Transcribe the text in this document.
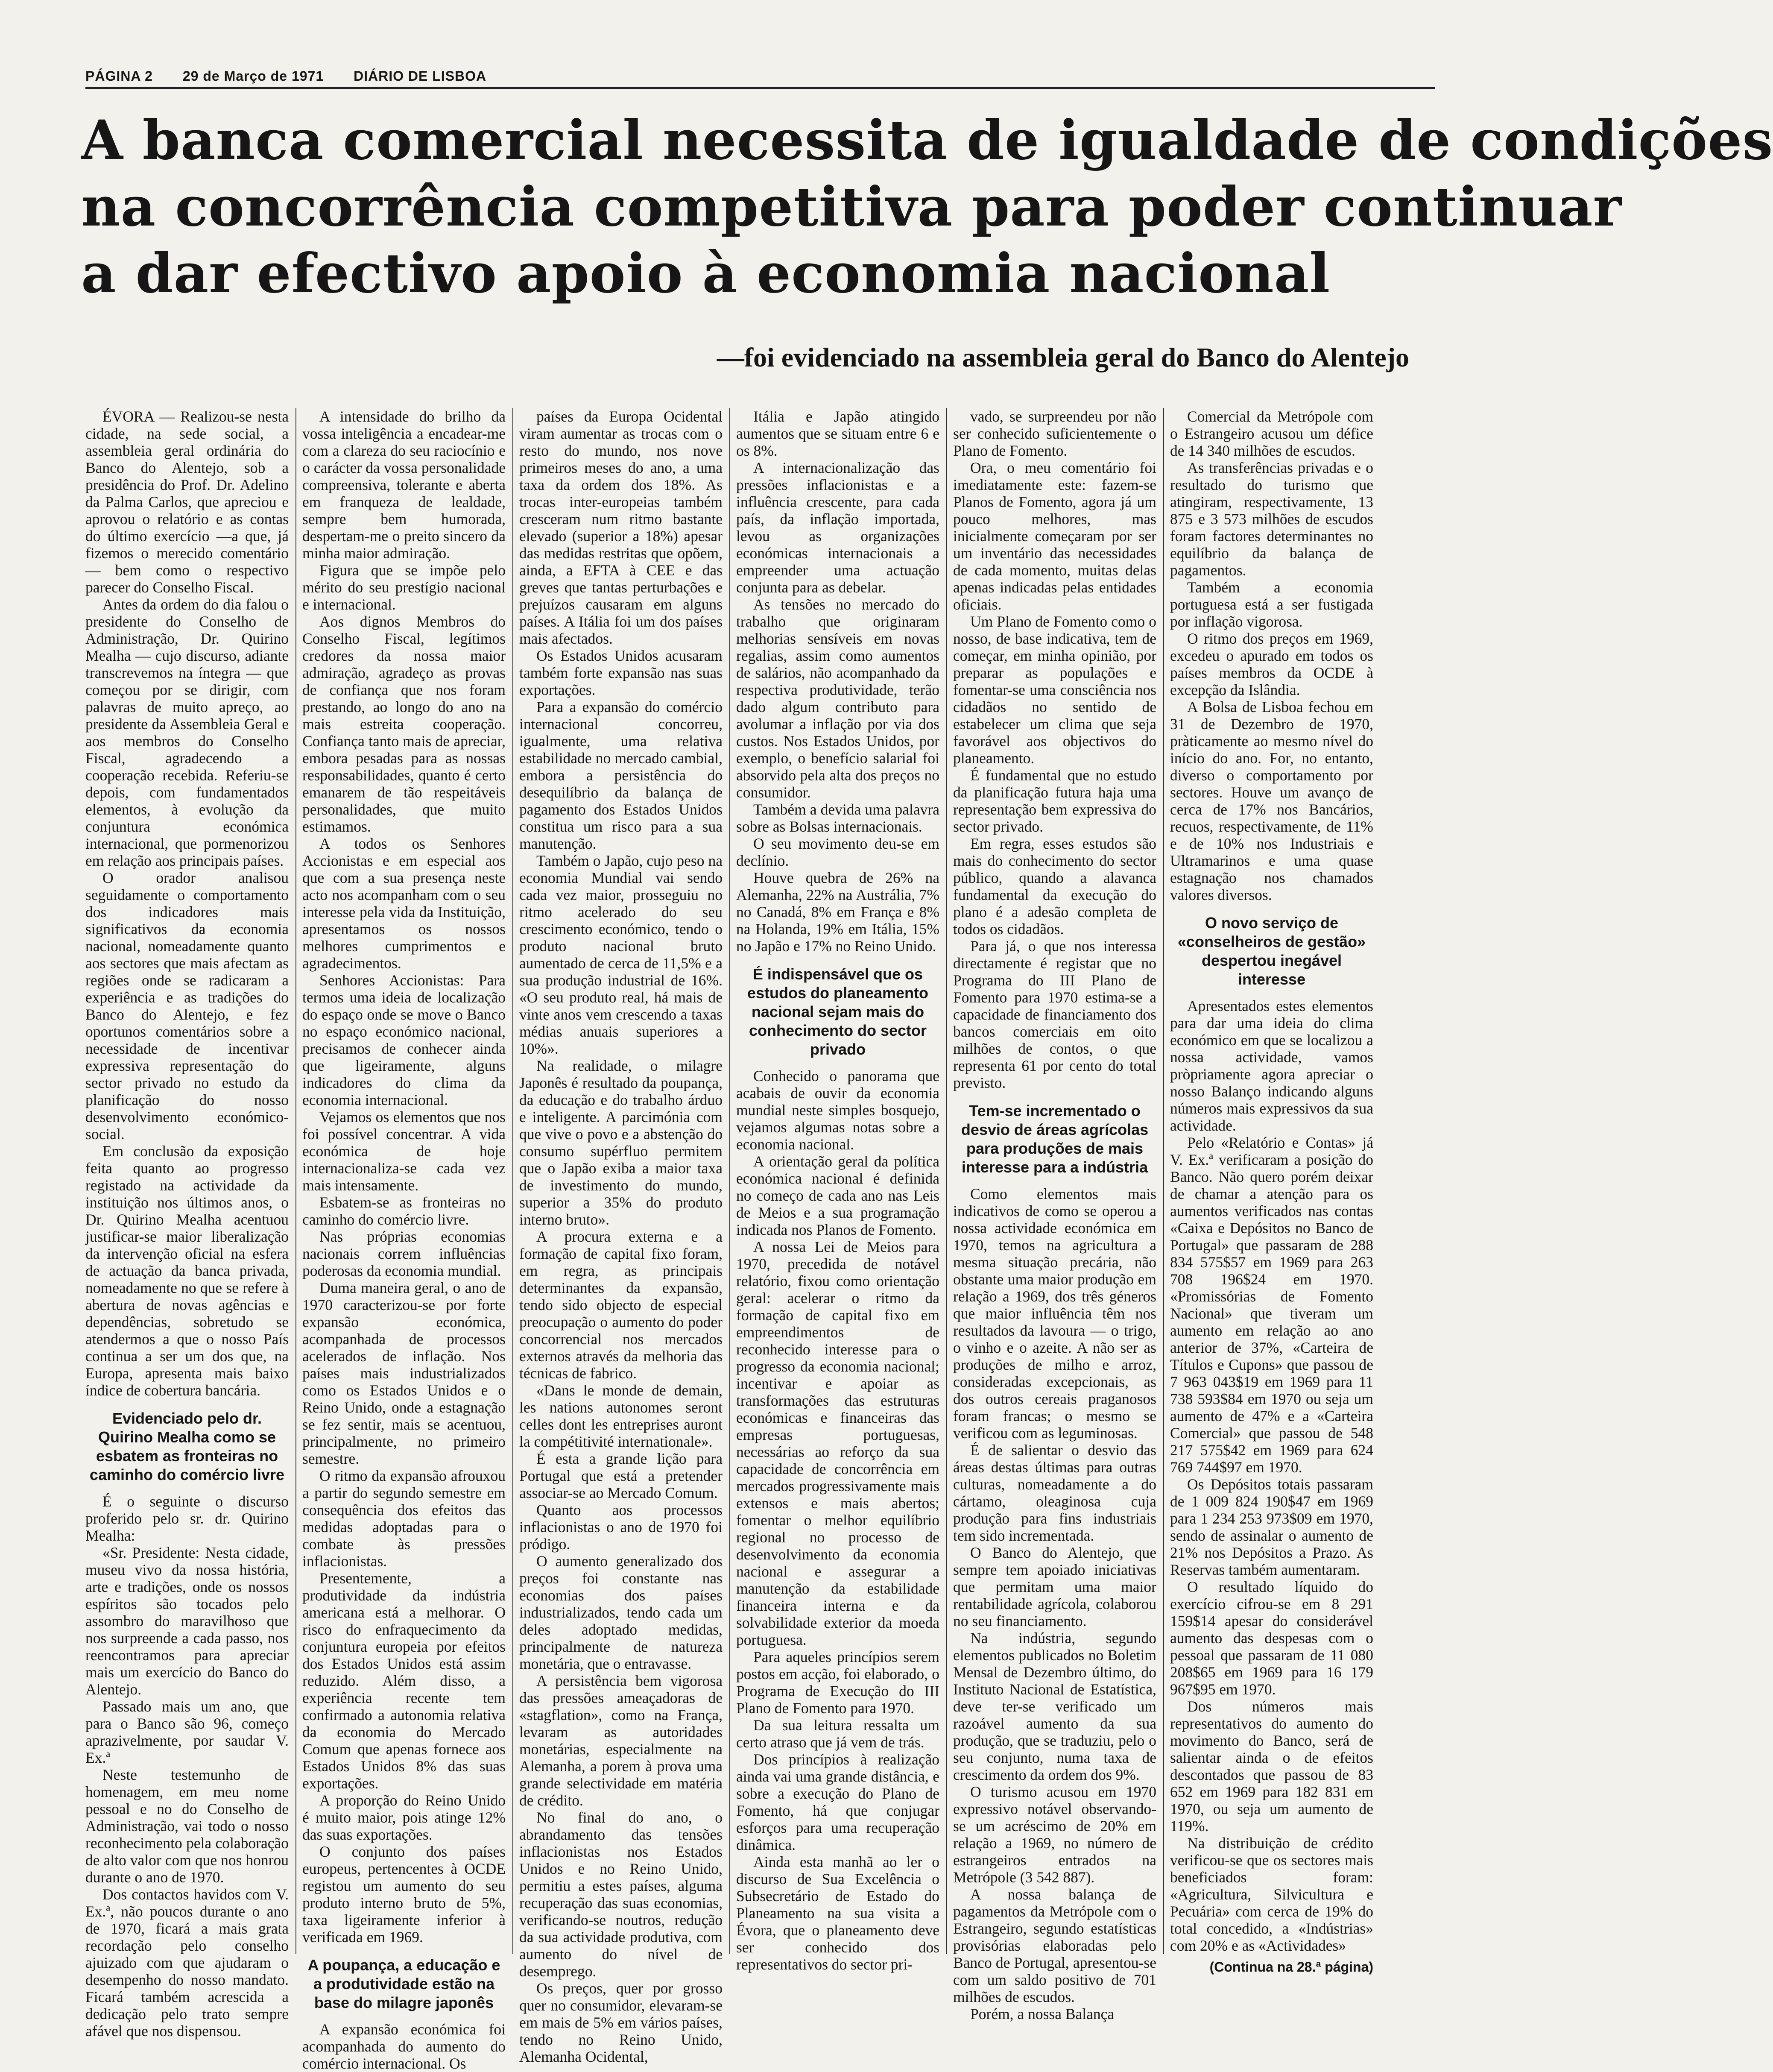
PÁGINA 2 29 de Março de 1971 DIÁRIO DE LISBOA
A banca comercial necessita de igualdade de condições
na concorrência competitiva para poder continuar
a dar efectivo apoio à economia nacional
—foi evidenciado na assembleia geral do Banco do Alentejo

ÉVORA — Realizou-se nesta cidade, na sede social, a assembleia geral ordinária do Banco do Alentejo, sob a presidência do Prof. Dr. Adelino da Palma Carlos, que apreciou e aprovou o relatório e as contas do último exercício —a que, já fizemos o merecido comentário — bem como o respectivo parecer do Conselho Fiscal.

Antes da ordem do dia falou o presidente do Conselho de Administração, Dr. Quirino Mealha — cujo discurso, adiante transcrevemos na íntegra — que começou por se dirigir, com palavras de muito apreço, ao presidente da Assembleia Geral e aos membros do Conselho Fiscal, agradecendo a cooperação recebida. Referiu-se depois, com fundamentados elementos, à evolução da conjuntura económica internacional, que pormenorizou em relação aos principais países.

O orador analisou seguidamente o comportamento dos indicadores mais significativos da economia nacional, nomeadamente quanto aos sectores que mais afectam as regiões onde se radicaram a experiência e as tradições do Banco do Alentejo, e fez oportunos comentários sobre a necessidade de incentivar expressiva representação do sector privado no estudo da planificação do nosso desenvolvimento económico-social.

Em conclusão da exposição feita quanto ao progresso registado na actividade da instituição nos últimos anos, o Dr. Quirino Mealha acentuou justificar-se maior liberalização da intervenção oficial na esfera de actuação da banca privada, nomeadamente no que se refere à abertura de novas agências e dependências, sobretudo se atendermos a que o nosso País continua a ser um dos que, na Europa, apresenta mais baixo índice de cobertura bancária.

Evidenciado pelo dr. Quirino Mealha como se esbatem as fronteiras no caminho do comércio livre

É o seguinte o discurso proferido pelo sr. dr. Quirino Mealha:

«Sr. Presidente: Nesta cidade, museu vivo da nossa história, arte e tradições, onde os nossos espíritos são tocados pelo assombro do maravilhoso que nos surpreende a cada passo, nos reencontramos para apreciar mais um exercício do Banco do Alentejo.

Passado mais um ano, que para o Banco são 96, começo aprazivelmente, por saudar V. Ex.ª

Neste testemunho de homenagem, em meu nome pessoal e no do Conselho de Administração, vai todo o nosso reconhecimento pela colaboração de alto valor com que nos honrou durante o ano de 1970.

Dos contactos havidos com V. Ex.ª, não poucos durante o ano de 1970, ficará a mais grata recordação pelo conselho ajuizado com que ajudaram o desempenho do nosso mandato. Ficará também acrescida a dedicação pelo trato sempre afável que nos dispensou.

A intensidade do brilho da vossa inteligência a encadear-me com a clareza do seu raciocínio e o carácter da vossa personalidade compreensiva, tolerante e aberta em franqueza de lealdade, sempre bem humorada, despertam-me o preito sincero da minha maior admiração.

Figura que se impõe pelo mérito do seu prestígio nacional e internacional.

Aos dignos Membros do Conselho Fiscal, legítimos credores da nossa maior admiração, agradeço as provas de confiança que nos foram prestando, ao longo do ano na mais estreita cooperação. Confiança tanto mais de apreciar, embora pesadas para as nossas responsabilidades, quanto é certo emanarem de tão respeitáveis personalidades, que muito estimamos.

A todos os Senhores Accionistas e em especial aos que com a sua presença neste acto nos acompanham com o seu interesse pela vida da Instituição, apresentamos os nossos melhores cumprimentos e agradecimentos.

Senhores Accionistas: Para termos uma ideia de localização do espaço onde se move o Banco no espaço económico nacional, precisamos de conhecer ainda que ligeiramente, alguns indicadores do clima da economia internacional.

Vejamos os elementos que nos foi possível concentrar. A vida económica de hoje internacionaliza-se cada vez mais intensamente.

Esbatem-se as fronteiras no caminho do comércio livre.

Nas próprias economias nacionais correm influências poderosas da economia mundial.

Duma maneira geral, o ano de 1970 caracterizou-se por forte expansão económica, acompanhada de processos acelerados de inflação. Nos países mais industrializados como os Estados Unidos e o Reino Unido, onde a estagnação se fez sentir, mais se acentuou, principalmente, no primeiro semestre.

O ritmo da expansão afrouxou a partir do segundo semestre em consequência dos efeitos das medidas adoptadas para o combate às pressões inflacionistas.

Presentemente, a produtividade da indústria americana está a melhorar. O risco do enfraquecimento da conjuntura europeia por efeitos dos Estados Unidos está assim reduzido. Além disso, a experiência recente tem confirmado a autonomia relativa da economia do Mercado Comum que apenas fornece aos Estados Unidos 8% das suas exportações.

A proporção do Reino Unido é muito maior, pois atinge 12% das suas exportações.

O conjunto dos países europeus, pertencentes à OCDE registou um aumento do seu produto interno bruto de 5%, taxa ligeiramente inferior à verificada em 1969.

A poupança, a educação e a produtividade estão na base do milagre japonês

A expansão económica foi acompanhada do aumento do comércio internacional. Os

países da Europa Ocidental viram aumentar as trocas com o resto do mundo, nos nove primeiros meses do ano, a uma taxa da ordem dos 18%. As trocas inter-europeias também cresceram num ritmo bastante elevado (superior a 18%) apesar das medidas restritas que opõem, ainda, a EFTA à CEE e das greves que tantas perturbações e prejuízos causaram em alguns países. A Itália foi um dos países mais afectados.

Os Estados Unidos acusaram também forte expansão nas suas exportações.

Para a expansão do comércio internacional concorreu, igualmente, uma relativa estabilidade no mercado cambial, embora a persistência do desequilíbrio da balança de pagamento dos Estados Unidos constitua um risco para a sua manutenção.

Também o Japão, cujo peso na economia Mundial vai sendo cada vez maior, prosseguiu no ritmo acelerado do seu crescimento económico, tendo o produto nacional bruto aumentado de cerca de 11,5% e a sua produção industrial de 16%. «O seu produto real, há mais de vinte anos vem crescendo a taxas médias anuais superiores a 10%».

Na realidade, o milagre Japonês é resultado da poupança, da educação e do trabalho árduo e inteligente. A parcimónia com que vive o povo e a abstenção do consumo supérfluo permitem que o Japão exiba a maior taxa de investimento do mundo, superior a 35% do produto interno bruto».

A procura externa e a formação de capital fixo foram, em regra, as principais determinantes da expansão, tendo sido objecto de especial preocupação o aumento do poder concorrencial nos mercados externos através da melhoria das técnicas de fabrico.

«Dans le monde de demain, les nations autonomes seront celles dont les entreprises auront la compétitivité internationale».

É esta a grande lição para Portugal que está a pretender associar-se ao Mercado Comum.

Quanto aos processos inflacionistas o ano de 1970 foi pródigo.

O aumento generalizado dos preços foi constante nas economias dos países industrializados, tendo cada um deles adoptado medidas, principalmente de natureza monetária, que o entravasse.

A persistência bem vigorosa das pressões ameaçadoras de «stagflation», como na França, levaram as autoridades monetárias, especialmente na Alemanha, a porem à prova uma grande selectividade em matéria de crédito.

No final do ano, o abrandamento das tensões inflacionistas nos Estados Unidos e no Reino Unido, permitiu a estes países, alguma recuperação das suas economias, verificando-se noutros, redução da sua actividade produtiva, com aumento do nível de desemprego.

Os preços, quer por grosso quer no consumidor, elevaram-se em mais de 5% em vários países, tendo no Reino Unido, Alemanha Ocidental,

Itália e Japão atingido aumentos que se situam entre 6 e os 8%.

A internacionalização das pressões inflacionistas e a influência crescente, para cada país, da inflação importada, levou as organizações económicas internacionais a empreender uma actuação conjunta para as debelar.

As tensões no mercado do trabalho que originaram melhorias sensíveis em novas regalias, assim como aumentos de salários, não acompanhado da respectiva produtividade, terão dado algum contributo para avolumar a inflação por via dos custos. Nos Estados Unidos, por exemplo, o benefício salarial foi absorvido pela alta dos preços no consumidor.

Também a devida uma palavra sobre as Bolsas internacionais.

O seu movimento deu-se em declínio.

Houve quebra de 26% na Alemanha, 22% na Austrália, 7% no Canadá, 8% em França e 8% na Holanda, 19% em Itália, 15% no Japão e 17% no Reino Unido.

É indispensável que os estudos do planeamento nacional sejam mais do conhecimento do sector privado

Conhecido o panorama que acabais de ouvir da economia mundial neste simples bosquejo, vejamos algumas notas sobre a economia nacional.

A orientação geral da política económica nacional é definida no começo de cada ano nas Leis de Meios e a sua programação indicada nos Planos de Fomento.

A nossa Lei de Meios para 1970, precedida de notável relatório, fixou como orientação geral: acelerar o ritmo da formação de capital fixo em empreendimentos de reconhecido interesse para o progresso da economia nacional; incentivar e apoiar as transformações das estruturas económicas e financeiras das empresas portuguesas, necessárias ao reforço da sua capacidade de concorrência em mercados progressivamente mais extensos e mais abertos; fomentar o melhor equilíbrio regional no processo de desenvolvimento da economia nacional e assegurar a manutenção da estabilidade financeira interna e da solvabilidade exterior da moeda portuguesa.

Para aqueles princípios serem postos em acção, foi elaborado, o Programa de Execução do III Plano de Fomento para 1970.

Da sua leitura ressalta um certo atraso que já vem de trás.

Dos princípios à realização ainda vai uma grande distância, e sobre a execução do Plano de Fomento, há que conjugar esforços para uma recuperação dinâmica.

Ainda esta manhã ao ler o discurso de Sua Excelência o Subsecretário de Estado do Planeamento na sua visita a Évora, que o planeamento deve ser conhecido dos representativos do sector pri-

vado, se surpreendeu por não ser conhecido suficientemente o Plano de Fomento.

Ora, o meu comentário foi imediatamente este: fazem-se Planos de Fomento, agora já um pouco melhores, mas inicialmente começaram por ser um inventário das necessidades de cada momento, muitas delas apenas indicadas pelas entidades oficiais.

Um Plano de Fomento como o nosso, de base indicativa, tem de começar, em minha opinião, por preparar as populações e fomentar-se uma consciência nos cidadãos no sentido de estabelecer um clima que seja favorável aos objectivos do planeamento.

É fundamental que no estudo da planificação futura haja uma representação bem expressiva do sector privado.

Em regra, esses estudos são mais do conhecimento do sector público, quando a alavanca fundamental da execução do plano é a adesão completa de todos os cidadãos.

Para já, o que nos interessa directamente é registar que no Programa do III Plano de Fomento para 1970 estima-se a capacidade de financiamento dos bancos comerciais em oito milhões de contos, o que representa 61 por cento do total previsto.

Tem-se incrementado o desvio de áreas agrícolas para produções de mais interesse para a indústria

Como elementos mais indicativos de como se operou a nossa actividade económica em 1970, temos na agricultura a mesma situação precária, não obstante uma maior produção em relação a 1969, dos três géneros que maior influência têm nos resultados da lavoura — o trigo, o vinho e o azeite. A não ser as produções de milho e arroz, consideradas excepcionais, as dos outros cereais praganosos foram francas; o mesmo se verificou com as leguminosas.

É de salientar o desvio das áreas destas últimas para outras culturas, nomeadamente a do cártamo, oleaginosa cuja produção para fins industriais tem sido incrementada.

O Banco do Alentejo, que sempre tem apoiado iniciativas que permitam uma maior rentabilidade agrícola, colaborou no seu financiamento.

Na indústria, segundo elementos publicados no Boletim Mensal de Dezembro último, do Instituto Nacional de Estatística, deve ter-se verificado um razoável aumento da sua produção, que se traduziu, pelo o seu conjunto, numa taxa de crescimento da ordem dos 9%.

O turismo acusou em 1970 expressivo notável observando-se um acréscimo de 20% em relação a 1969, no número de estrangeiros entrados na Metrópole (3 542 887).

A nossa balança de pagamentos da Metrópole com o Estrangeiro, segundo estatísticas provisórias elaboradas pelo Banco de Portugal, apresentou-se com um saldo positivo de 701 milhões de escudos.

Porém, a nossa Balança

Comercial da Metrópole com o Estrangeiro acusou um défice de 14 340 milhões de escudos.

As transferências privadas e o resultado do turismo que atingiram, respectivamente, 13 875 e 3 573 milhões de escudos foram factores determinantes no equilíbrio da balança de pagamentos.

Também a economia portuguesa está a ser fustigada por inflação vigorosa.

O ritmo dos preços em 1969, excedeu o apurado em todos os países membros da OCDE à excepção da Islândia.

A Bolsa de Lisboa fechou em 31 de Dezembro de 1970, pràticamente ao mesmo nível do início do ano. For, no entanto, diverso o comportamento por sectores. Houve um avanço de cerca de 17% nos Bancários, recuos, respectivamente, de 11% e de 10% nos Industriais e Ultramarinos e uma quase estagnação nos chamados valores diversos.

O novo serviço de «conselheiros de gestão» despertou inegável interesse

Apresentados estes elementos para dar uma ideia do clima económico em que se localizou a nossa actividade, vamos pròpriamente agora apreciar o nosso Balanço indicando alguns números mais expressivos da sua actividade.

Pelo «Relatório e Contas» já V. Ex.ª verificaram a posição do Banco. Não quero porém deixar de chamar a atenção para os aumentos verificados nas contas «Caixa e Depósitos no Banco de Portugal» que passaram de 288 834 575$57 em 1969 para 263 708 196$24 em 1970. «Promissórias de Fomento Nacional» que tiveram um aumento em relação ao ano anterior de 37%, «Carteira de Títulos e Cupons» que passou de 7 963 043$19 em 1969 para 11 738 593$84 em 1970 ou seja um aumento de 47% e a «Carteira Comercial» que passou de 548 217 575$42 em 1969 para 624 769 744$97 em 1970.

Os Depósitos totais passaram de 1 009 824 190$47 em 1969 para 1 234 253 973$09 em 1970, sendo de assinalar o aumento de 21% nos Depósitos a Prazo. As Reservas também aumentaram.

O resultado líquido do exercício cifrou-se em 8 291 159$14 apesar do considerável aumento das despesas com o pessoal que passaram de 11 080 208$65 em 1969 para 16 179 967$95 em 1970.

Dos números mais representativos do aumento do movimento do Banco, será de salientar ainda o de efeitos descontados que passou de 83 652 em 1969 para 182 831 em 1970, ou seja um aumento de 119%.

Na distribuição de crédito verificou-se que os sectores mais beneficiados foram: «Agricultura, Silvicultura e Pecuária» com cerca de 19% do total concedido, a «Indústrias» com 20% e as «Actividades»

(Continua na 28.ª página)
